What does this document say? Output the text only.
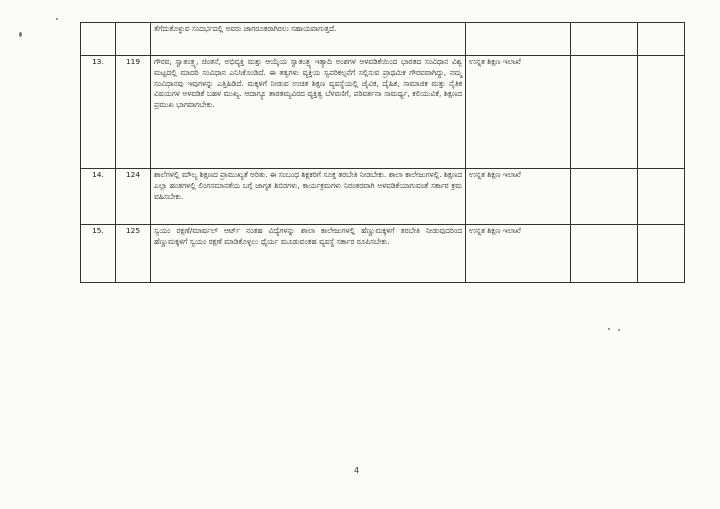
		ತೆಗೆದುಕೊಳ್ಳುವ ಸಂದರ್ಭದಲ್ಲಿ ಅವರು ಜಾಗರೂಕರಾಗಿರಲು ಸಹಾಯವಾಗುತ್ತದೆ.			
13.	119	ಗೌರವ, ಸ್ವಾತಂತ್ರ್ಯ, ಚಿಂತನೆ, ಅಭಿವ್ಯಕ್ತಿ ಮತ್ತು ಆಯ್ಕೆಯ ಸ್ವಾತಂತ್ರ್ಯ ಇತ್ಯಾದಿ ಅಂಶಗಳ ಅಳವಡಿಕೆಯಿಂದ ಭಾರತದ ಸಂವಿಧಾನ ವಿಶ್ವ ಮಟ್ಟದಲ್ಲಿ ಮಾದರಿ ಸಂವಿಧಾನ ಎನಿಸಿಕೊಂಡಿದೆ. ಈ ತತ್ವಗಳು ವ್ಯಕ್ತಿಯ ಸ್ವಪರಿಕಲ್ಪನೆಗೆ ಸಲ್ಲಿಸುವ ಪ್ರಾಥಮಿಕ ಗೌರವವಾಗಿದ್ದು, ನಮ್ಮ ಸಂವಿಧಾನವು ಇವುಗಳನ್ನು ಎತ್ತಿಹಿಡಿದೆ. ಮಕ್ಕಳಿಗೆ ನೀಡುವ ಉಚಿತ ಶಿಕ್ಷಣ ವ್ಯವಸ್ಥೆಯಲ್ಲಿ ಜೈವಿಕ, ದೈಹಿಕ, ಸಾಮಾಜಿಕ ಮತ್ತು ನೈತಿಕ ವಿಷಯಗಳ ಅಳವಡಿಕೆ ಬಹಳ ಮುಖ್ಯ. ಆದಾಗ್ಯೂ ತಾರತಮ್ಯವಿರದ ವ್ಯಕ್ತಿತ್ವ ಬೆಳವಣಿಗೆ, ಪರಿವರ್ತನಾ ಸಾಮರ್ಥ್ಯ, ಕಲಿಯುವಿಕೆ, ಶಿಕ್ಷಣದ ಪ್ರಮುಖ ಭಾಗವಾಗಬೇಕು.	ಉನ್ನತ ಶಿಕ್ಷಣ ಇಲಾಖೆ		
14.	124	ಶಾಲೆಗಳಲ್ಲಿ ಮೌಲ್ಯ ಶಿಕ್ಷಣದ ಪ್ರಾಮುಖ್ಯತೆ ಅರಿತು. ಈ ಸಂಬಂಧ ಶಿಕ್ಷಕರಿಗೆ ಸೂಕ್ತ ತರಬೇತಿ ನೀಡಬೇಕು. ಶಾಲಾ ಕಾಲೇಜುಗಳಲ್ಲಿ. ಶಿಕ್ಷಣದ ಎಲ್ಲಾ ಹಂತಗಳಲ್ಲಿ ಲಿಂಗಸಮಾನತೆಯ ಬಗ್ಗೆ ಜಾಗೃತ ಶಿಬಿರಗಳು, ಕಾರ್ಯಕ್ರಮಗಳು ನಿರಂತರವಾಗಿ ಅಳವಡಿಕೆಯಾಗುವಂತೆ ಸರ್ಕಾರ ಕ್ರಮ ವಹಿಸಬೇಕು.	ಉನ್ನತ ಶಿಕ್ಷಣ ಇಲಾಖೆ		
15.	125	ಸ್ವಯಂ ರಕ್ಷಣೆ/ಮಾರ್ಷಲ್ ಆರ್ಟ್ ನಂತಹ ವಿದ್ಯೆಗಳನ್ನು ಶಾಲಾ ಕಾಲೇಜುಗಳಲ್ಲಿ ಹೆಣ್ಣುಮಕ್ಕಳಿಗೆ ತರಬೇತಿ ನೀಡುವುದರಿಂದ ಹೆಣ್ಣುಮಕ್ಕಳಿಗೆ ಸ್ವಯಂ ರಕ್ಷಣೆ ಮಾಡಿಕೊಳ್ಳಲು ಧೈರ್ಯ ಮೂಡುವಂತಹ ವ್ಯವಸ್ಥೆ ಸರ್ಕಾರ ರೂಪಿಸಬೇಕು.	ಉನ್ನತ ಶಿಕ್ಷಣ ಇಲಾಖೆ		
4
